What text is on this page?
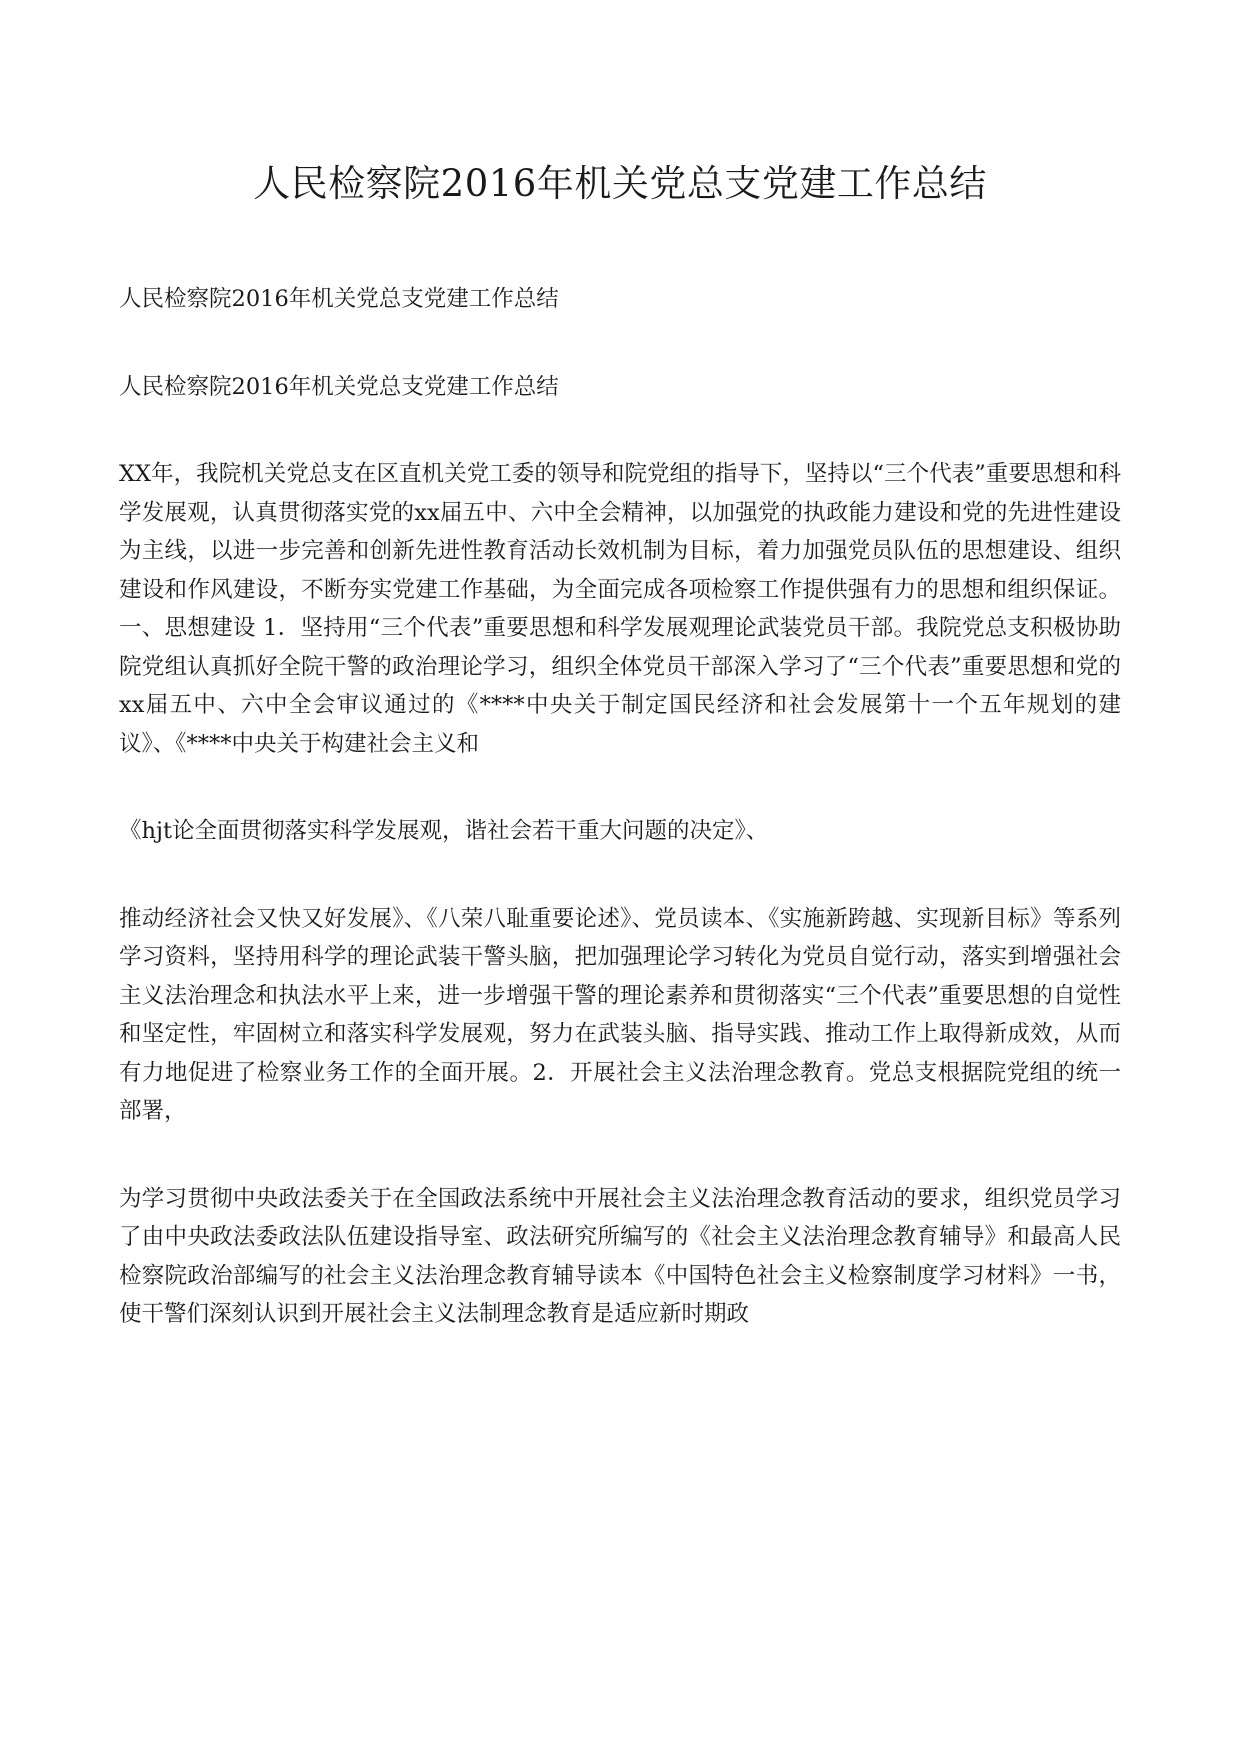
人民检察院2016年机关党总支党建工作总结

人民检察院2016年机关党总支党建工作总结

人民检察院2016年机关党总支党建工作总结

XX年，我院机关党总支在区直机关党工委的领导和院党组的指导下，坚持以“三个代表”重要思想和科学发展观，认真贯彻落实党的xx届五中、六中全会精神，以加强党的执政能力建设和党的先进性建设为主线，以进一步完善和创新先进性教育活动长效机制为目标，着力加强党员队伍的思想建设、组织建设和作风建设，不断夯实党建工作基础，为全面完成各项检察工作提供强有力的思想和组织保证。一、思想建设 1．坚持用“三个代表”重要思想和科学发展观理论武装党员干部。我院党总支积极协助院党组认真抓好全院干警的政治理论学习，组织全体党员干部深入学习了“三个代表”重要思想和党的xx届五中、六中全会审议通过的《****中央关于制定国民经济和社会发展第十一个五年规划的建议》、《****中央关于构建社会主义和

《hjt论全面贯彻落实科学发展观，谐社会若干重大问题的决定》、

推动经济社会又快又好发展》、《八荣八耻重要论述》、党员读本、《实施新跨越、实现新目标》等系列学习资料，坚持用科学的理论武装干警头脑，把加强理论学习转化为党员自觉行动，落实到增强社会主义法治理念和执法水平上来，进一步增强干警的理论素养和贯彻落实“三个代表”重要思想的自觉性和坚定性，牢固树立和落实科学发展观，努力在武装头脑、指导实践、推动工作上取得新成效，从而有力地促进了检察业务工作的全面开展。2．开展社会主义法治理念教育。党总支根据院党组的统一部署，

为学习贯彻中央政法委关于在全国政法系统中开展社会主义法治理念教育活动的要求，组织党员学习了由中央政法委政法队伍建设指导室、政法研究所编写的《社会主义法治理念教育辅导》和最高人民检察院政治部编写的社会主义法治理念教育辅导读本《中国特色社会主义检察制度学习材料》一书，使干警们深刻认识到开展社会主义法制理念教育是适应新时期政
